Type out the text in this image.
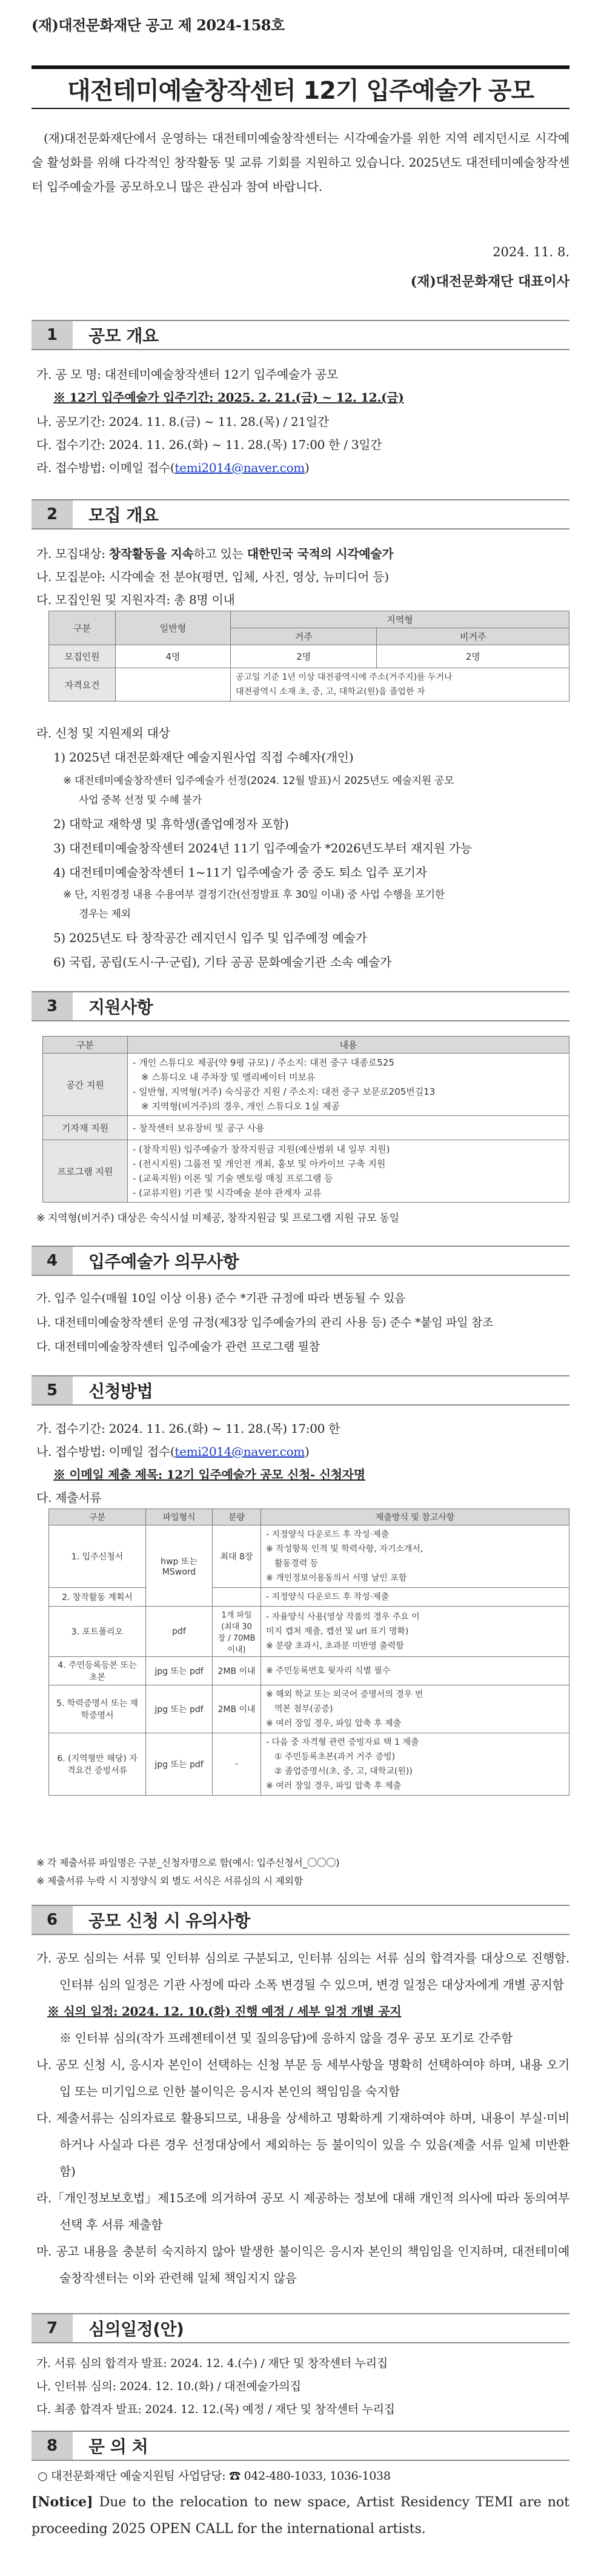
(재)대전문화재단 공고 제 2024-158호
대전테미예술창작센터 12기 입주예술가 공모

(재)대전문화재단에서 운영하는 대전테미예술창작센터는 시각예술가를 위한 지역 레지던시로 시각예술 활성화를 위해 다각적인 창작활동 및 교류 기회를 지원하고 있습니다. 2025년도 대전테미예술창작센터 입주예술가를 공모하오니 많은 관심과 참여 바랍니다.

2024. 11. 8.
(재)대전문화재단 대표이사
1	공모 개요
가. 공 모 명: 대전테미예술창작센터 12기 입주예술가 공모
※ 12기 입주예술가 입주기간: 2025. 2. 21.(금) ~ 12. 12.(금)
나. 공모기간: 2024. 11. 8.(금) ~ 11. 28.(목) / 21일간
다. 접수기간: 2024. 11. 26.(화) ~ 11. 28.(목) 17:00 한 / 3일간
라. 접수방법: 이메일 접수(temi2014@naver.com)
2	모집 개요
가. 모집대상: 창작활동을 지속하고 있는 대한민국 국적의 시각예술가
나. 모집분야: 시각예술 전 분야(평면, 입체, 사진, 영상, 뉴미디어 등)
다. 모집인원 및 지원자격: 총 8명 이내
구분	일반형	지역형	
		거주	비거주
모집인원	4명	2명	2명
자격요건		공고일 기준 1년 이상 대전광역시에 주소(거주지)를 두거나
대전광역시 소재 초, 중, 고, 대학교(원)을 졸업한 자	
라. 신청 및 지원제외 대상
1) 2025년 대전문화재단 예술지원사업 직접 수혜자(개인)
※ 대전테미예술창작센터 입주예술가 선정(2024. 12월 발표)시 2025년도 예술지원 공모
사업 중복 선정 및 수혜 불가
2) 대학교 재학생 및 휴학생(졸업예정자 포함)
3) 대전테미예술창작센터 2024년 11기 입주예술가 *2026년도부터 재지원 가능
4) 대전테미예술창작센터 1~11기 입주예술가 중 중도 퇴소 입주 포기자
※ 단, 지원경정 내용 수용여부 결정기간(선정발표 후 30일 이내) 중 사업 수행을 포기한
경우는 제외
5) 2025년도 타 창작공간 레지던시 입주 및 입주예정 예술가
6) 국립, 공립(도시·구·군립), 기타 공공 문화예술기관 소속 예술가
3	지원사항
구분	내용
공간 지원	- 개인 스튜디오 제공(약 9평 규모) / 주소지: 대전 중구 대종로525
※ 스튜디오 내 주차장 및 엘리베이터 미보유
- 일반형, 지역형(거주) 숙식공간 지원 / 주소지: 대전 중구 보문로205번길13
※ 지역형(비거주)의 경우, 개인 스튜디오 1실 제공

기자재 지원	- 창작센터 보유장비 및 공구 사용
프로그램 지원	- (창작지원) 입주예술가 창작지원금 지원(예산범위 내 일부 지원)
- (전시지원) 그룹전 및 개인전 개최, 홍보 및 아카이브 구축 지원
- (교육지원) 이론 및 기술 멘토링 매칭 프로그램 등
- (교류지원) 기관 및 시각예술 분야 관계자 교류
※ 지역형(비거주) 대상은 숙식시설 미제공, 창작지원금 및 프로그램 지원 규모 동일
4	입주예술가 의무사항
가. 입주 일수(매월 10일 이상 이용) 준수 *기관 규정에 따라 변동될 수 있음
나. 대전테미예술창작센터 운영 규정(제3장 입주예술가의 관리 사용 등) 준수 *붙임 파일 참조
다. 대전테미예술창작센터 입주예술가 관련 프로그램 필참
5	신청방법
가. 접수기간: 2024. 11. 26.(화) ~ 11. 28.(목) 17:00 한
나. 접수방법: 이메일 접수(temi2014@naver.com)
※ 이메일 제출 제목: 12기 입주예술가 공모 신청- 신청자명
다. 제출서류
구분	파일형식	분량	제출방식 및 참고사항
1. 입주신청서	hwp 또는 MSword	최대 8장	- 지정양식 다운로드 후 작성·제출
※ 작성항목 인적 및 학력사항, 자기소개서,
활동경력 등
※ 개인정보이용동의서 서명 날인 포함

2. 창작활동 계획서			- 지정양식 다운로드 후 작성·제출

3. 포트폴리오	pdf	1개 파일 (최대 30장 / 70MB 이내)	- 자율양식 사용(영상 작품의 경우 주요 이
미지 캡처 제출, 캡션 및 url 표기 명확)
※ 분량 초과시, 초과분 미반영 출력함

4. 주민등록등본 또는 초본	jpg 또는 pdf	2MB 이내	※ 주민등록번호 뒷자리 식별 필수

5. 학력증명서 또는 재학증명서	jpg 또는 pdf	2MB 이내	※ 해외 학교 또는 외국어 증명서의 경우 번
역본 첨부(공증)
※ 여러 장일 경우, 파일 압축 후 제출

6. (지역형만 해당) 자격요건 증빙서류	jpg 또는 pdf	-	- 다음 중 자격형 관련 증빙자료 택 1 제출
① 주민등록초본(과거 거주 증빙)
② 졸업증명서(초, 중, 고, 대학교(원))
※ 여러 장일 경우, 파일 압축 후 제출
※ 각 제출서류 파일명은 구분_신청자명으로 함(예시: 입주신청서_〇〇〇)
※ 제출서류 누락 시 지정양식 외 별도 서식은 서류심의 시 제외함
6	공모 신청 시 유의사항
가. 공모 심의는 서류 및 인터뷰 심의로 구분되고, 인터뷰 심의는 서류 심의 합격자를 대상으로 진행함. 인터뷰 심의 일정은 기관 사정에 따라 소폭 변경될 수 있으며, 변경 일정은 대상자에게 개별 공지함
※ 심의 일정: 2024. 12. 10.(화) 진행 예정 / 세부 일정 개별 공지
※ 인터뷰 심의(작가 프레젠테이션 및 질의응답)에 응하지 않을 경우 공모 포기로 간주함
나. 공모 신청 시, 응시자 본인이 선택하는 신청 부문 등 세부사항을 명확히 선택하여야 하며, 내용 오기입 또는 미기입으로 인한 불이익은 응시자 본인의 책임임을 숙지함
다. 제출서류는 심의자료로 활용되므로, 내용을 상세하고 명확하게 기재하여야 하며, 내용이 부실·미비하거나 사실과 다른 경우 선정대상에서 제외하는 등 불이익이 있을 수 있음(제출 서류 일체 미반환함)
라.「개인정보보호법」제15조에 의거하여 공모 시 제공하는 정보에 대해 개인적 의사에 따라 동의여부 선택 후 서류 제출함
마. 공고 내용을 충분히 숙지하지 않아 발생한 불이익은 응시자 본인의 책임임을 인지하며, 대전테미예술창작센터는 이와 관련해 일체 책임지지 않음
7	심의일정(안)
가. 서류 심의 합격자 발표: 2024. 12. 4.(수) / 재단 및 창작센터 누리집
나. 인터뷰 심의: 2024. 12. 10.(화) / 대전예술가의집
다. 최종 합격자 발표: 2024. 12. 12.(목) 예정 / 재단 및 창작센터 누리집
8	문 의 처
○ 대전문화재단 예술지원팀 사업담당: ☎ 042-480-1033, 1036-1038

[Notice] Due to the relocation to new space, Artist Residency TEMI are not proceeding 2025 OPEN CALL for the international artists.
